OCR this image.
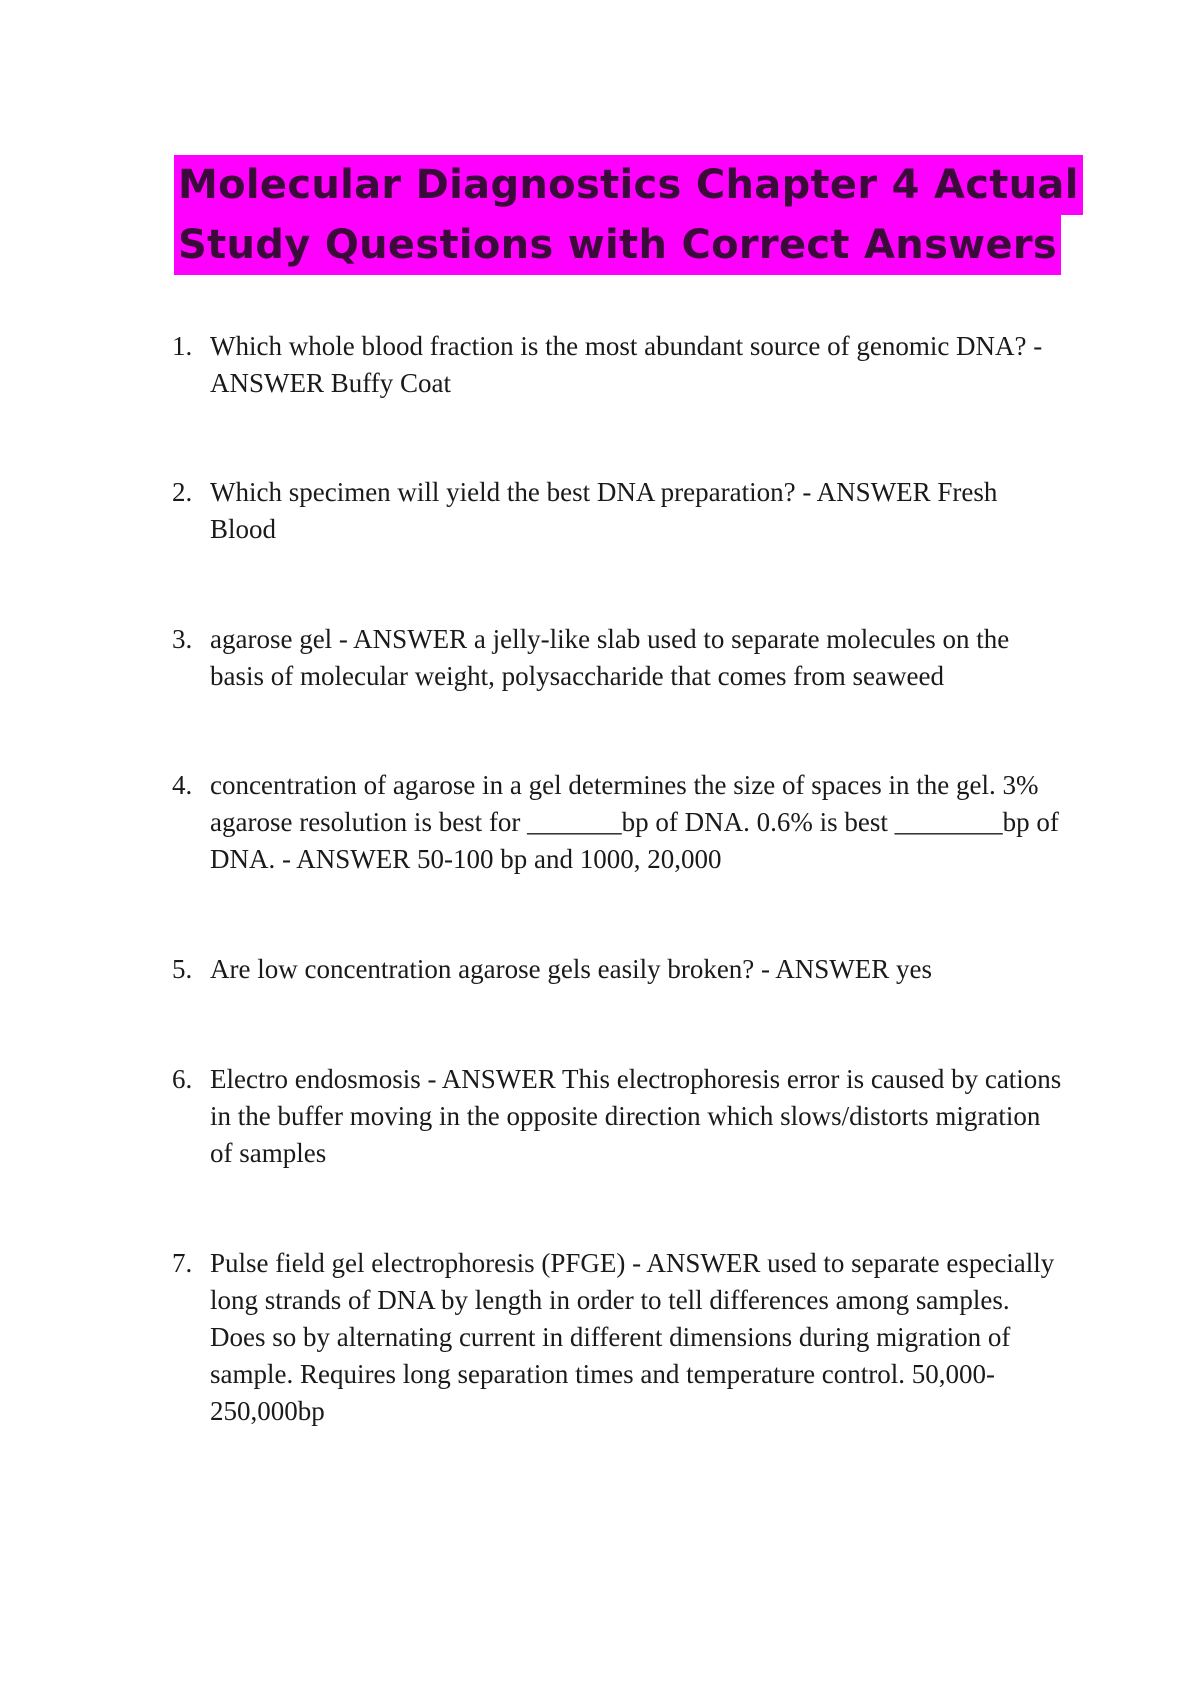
Molecular Diagnostics Chapter 4 Actual
Study Questions with Correct Answers
1. Which whole blood fraction is the most abundant source of genomic DNA? - ANSWER Buffy Coat
2. Which specimen will yield the best DNA preparation? - ANSWER Fresh Blood
3. agarose gel - ANSWER a jelly-like slab used to separate molecules on the basis of molecular weight, polysaccharide that comes from seaweed
4. concentration of agarose in a gel determines the size of spaces in the gel. 3% agarose resolution is best for _______bp of DNA. 0.6% is best ________bp of DNA. - ANSWER 50-100 bp and 1000, 20,000
5. Are low concentration agarose gels easily broken? - ANSWER yes
6. Electro endosmosis - ANSWER This electrophoresis error is caused by cations in the buffer moving in the opposite direction which slows/distorts migration of samples
7. Pulse field gel electrophoresis (PFGE) - ANSWER used to separate especially long strands of DNA by length in order to tell differences among samples. Does so by alternating current in different dimensions during migration of sample. Requires long separation times and temperature control. 50,000-250,000bp
